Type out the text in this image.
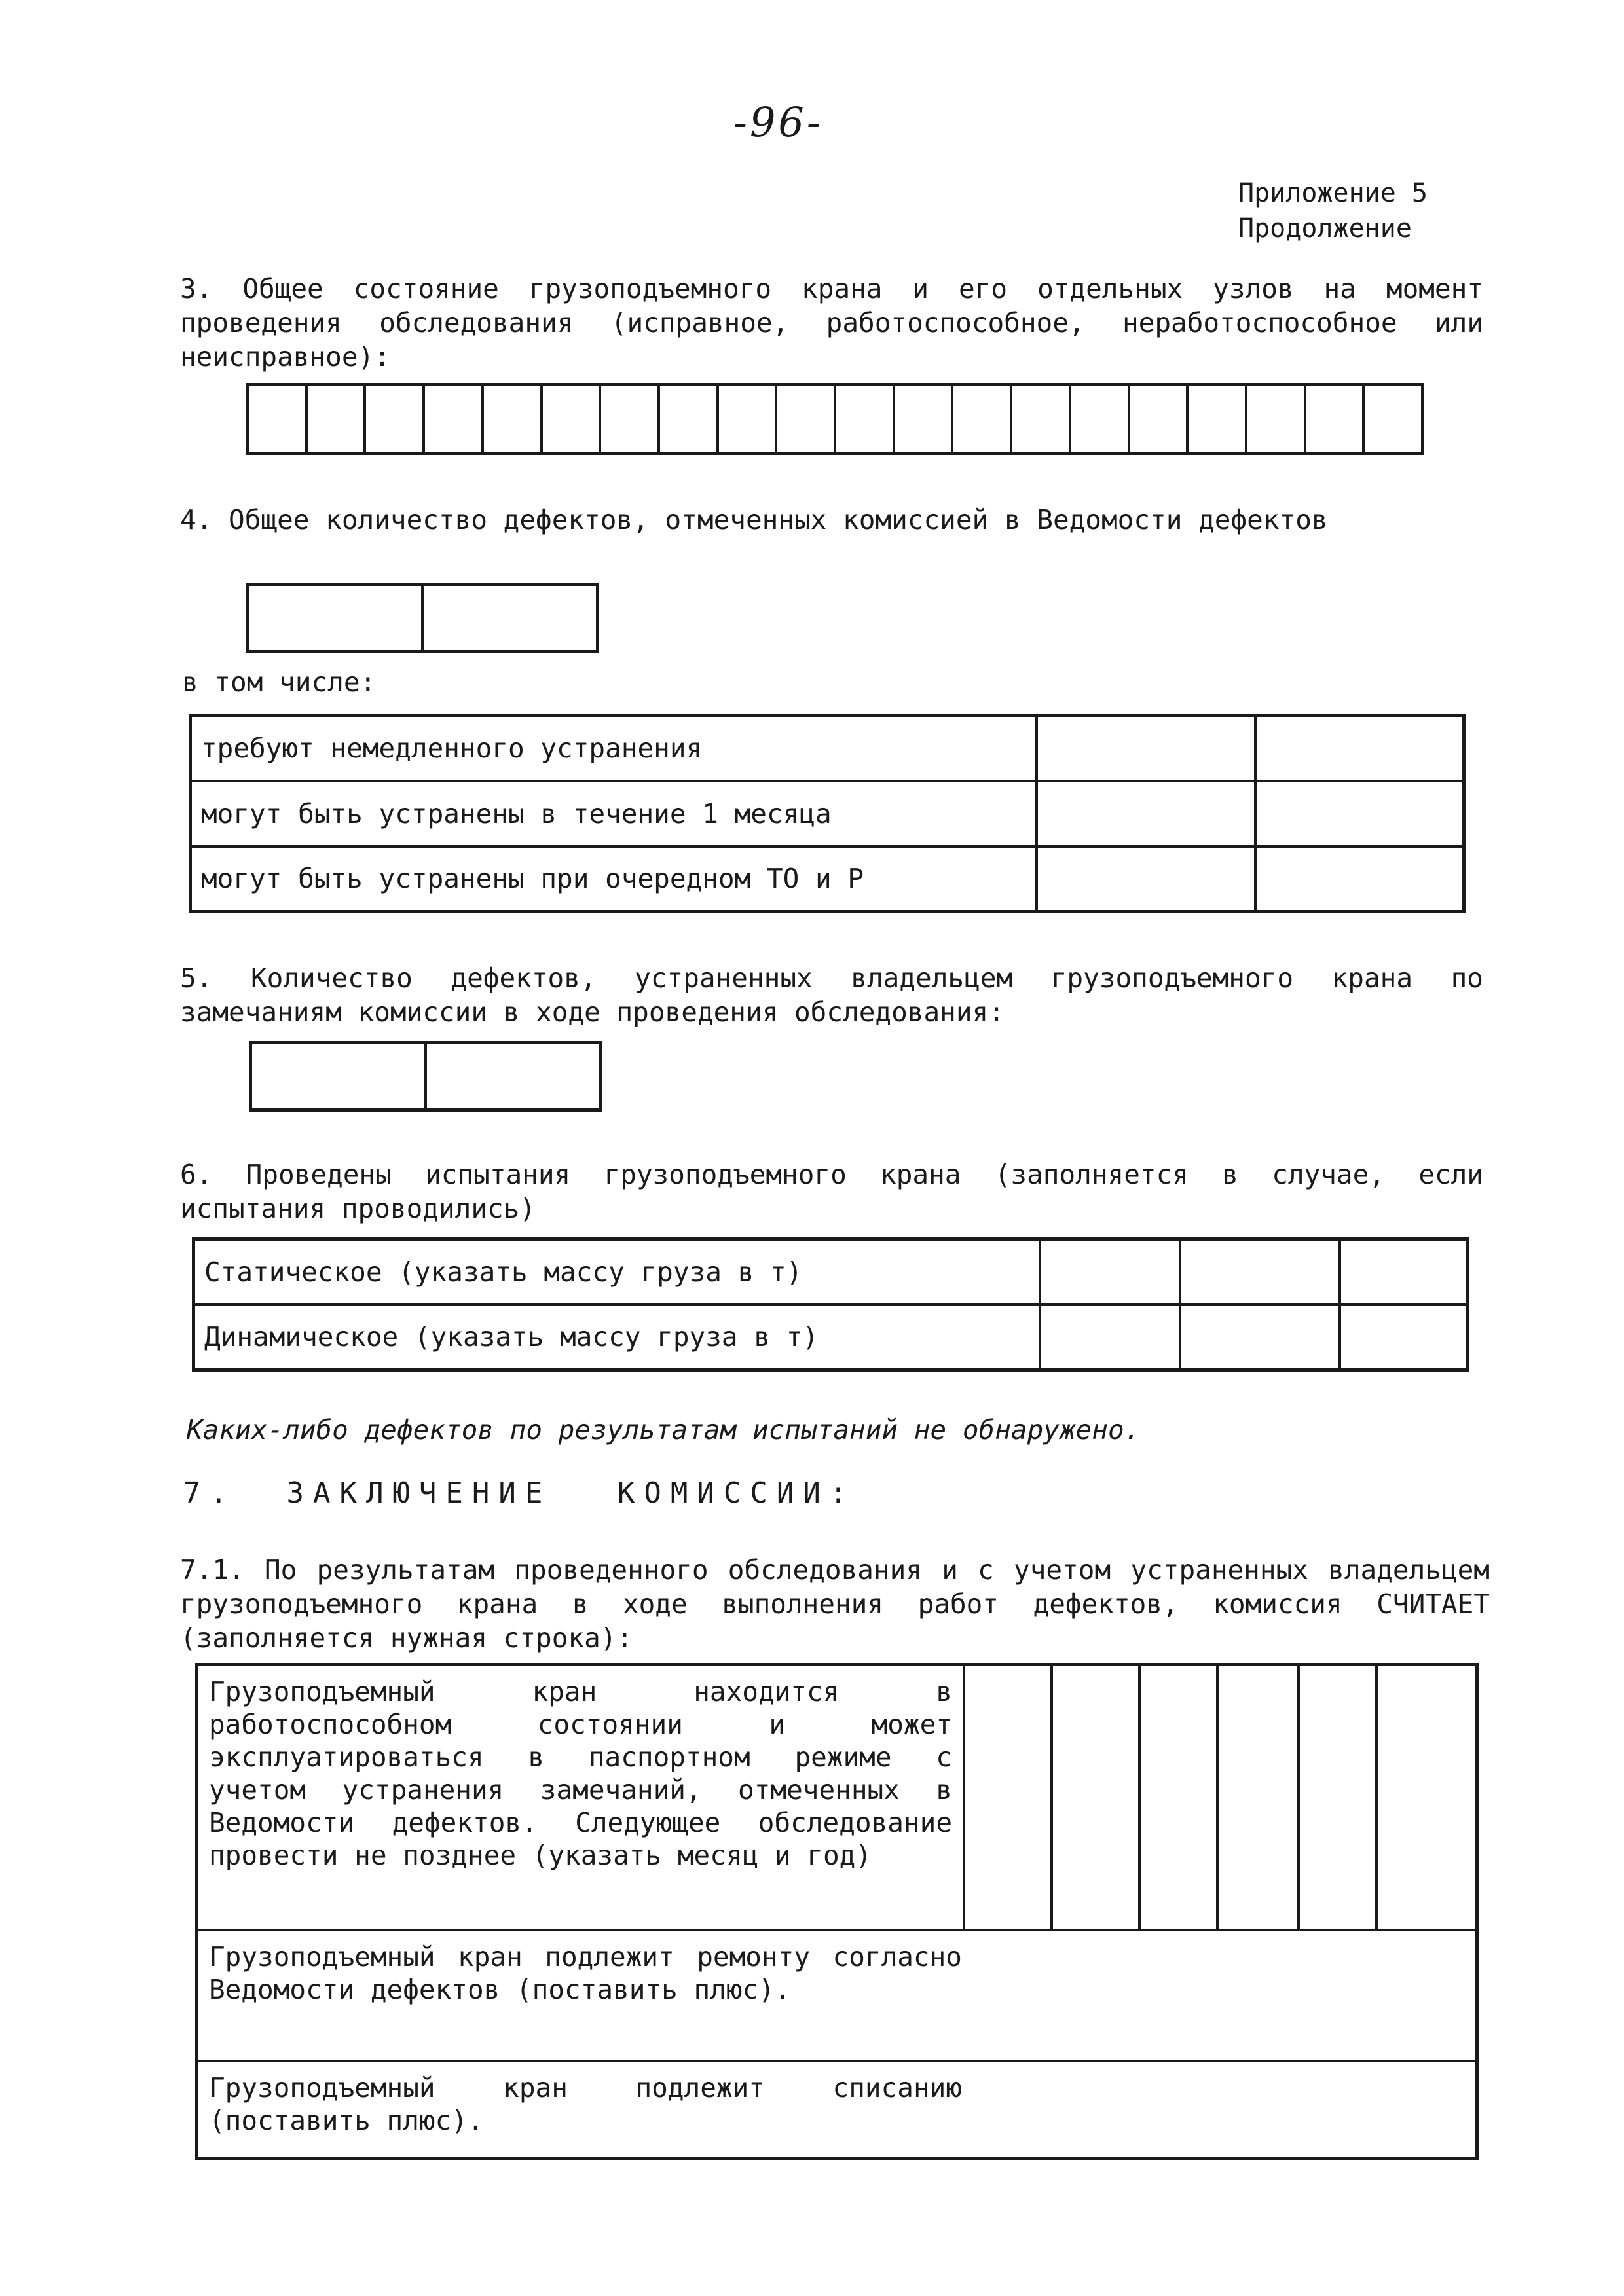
-96-
Приложение 5
Продолжение
3. Общее состояние грузоподъемного крана и его отдельных узлов на момент проведения обследования (исправное, работоспособное, неработоспособное или неисправное):
4. Общее количество дефектов, отмеченных комиссией в Ведомости дефектов
в том числе:
требуют немедленного устранения		
могут быть устранены в течение 1 месяца		
могут быть устранены при очередном ТО и Р		
5. Количество дефектов, устраненных владельцем грузоподъемного крана по замечаниям комиссии в ходе проведения обследования:
6. Проведены испытания грузоподъемного крана (заполняется в случае, если испытания проводились)
Статическое (указать массу груза в т)			
Динамическое (указать массу груза в т)			
Каких-либо дефектов по результатам испытаний не обнаружено.
7. ЗАКЛЮЧЕНИЕ КОМИССИИ:
7.1. По результатам проведенного обследования и с учетом устраненных владельцем грузоподъемного крана в ходе выполнения работ дефектов, комиссия СЧИТАЕТ (заполняется нужная строка):
Грузоподъемный кран находится в работоспособном состоянии и может эксплуатироваться в паспортном режиме с учетом устранения замечаний, отмеченных в Ведомости дефектов. Следующее обследование провести не позднее (указать месяц и год)						

Грузоподъемный кран подлежит ремонту согласно Ведомости дефектов (поставить плюс).

Грузоподъемный кран подлежит списанию (поставить плюс).
